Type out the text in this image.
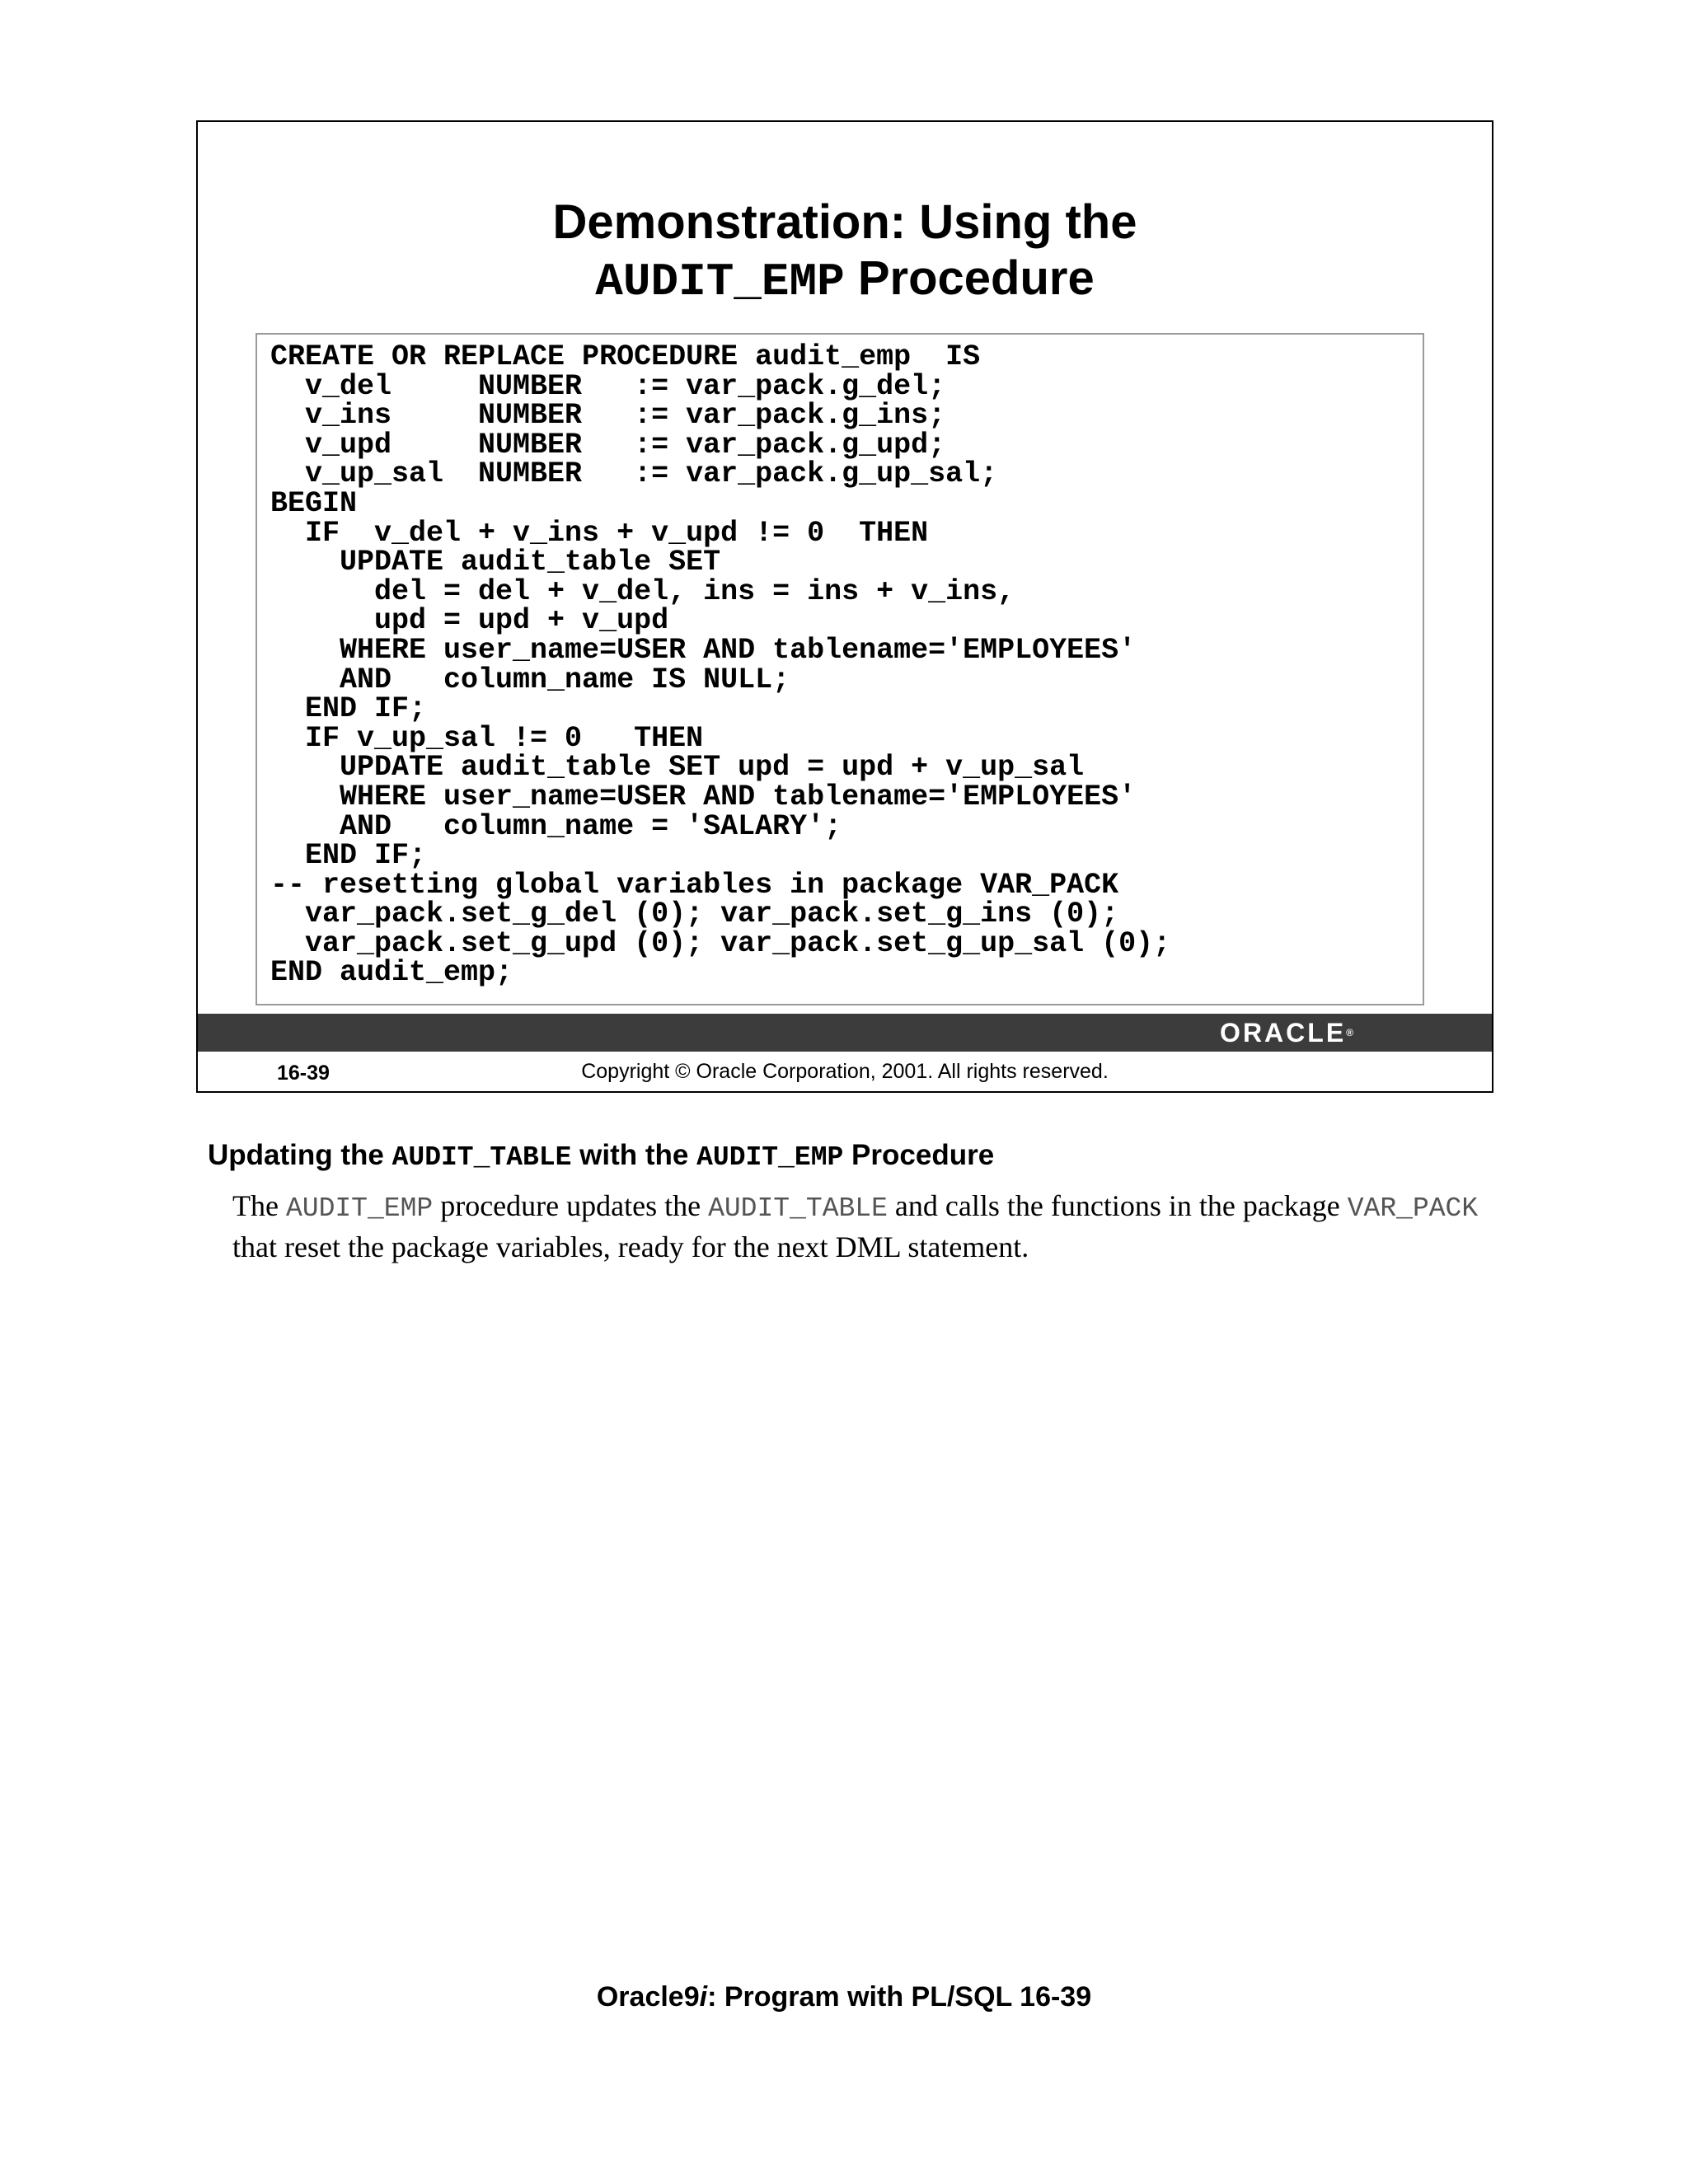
Demonstration: Using the
AUDIT_EMP Procedure
CREATE OR REPLACE PROCEDURE audit_emp  IS
v_del     NUMBER   := var_pack.g_del;
v_ins     NUMBER   := var_pack.g_ins;
v_upd     NUMBER   := var_pack.g_upd;
v_up_sal  NUMBER   := var_pack.g_up_sal;
BEGIN
IF  v_del + v_ins + v_upd != 0  THEN
UPDATE audit_table SET
del = del + v_del, ins = ins + v_ins,
upd = upd + v_upd
WHERE user_name=USER AND tablename='EMPLOYEES'
AND   column_name IS NULL;
END IF;
IF v_up_sal != 0   THEN
UPDATE audit_table SET upd = upd + v_up_sal
WHERE user_name=USER AND tablename='EMPLOYEES'
AND   column_name = 'SALARY';
END IF;
-- resetting global variables in package VAR_PACK
var_pack.set_g_del (0); var_pack.set_g_ins (0);
var_pack.set_g_upd (0); var_pack.set_g_up_sal (0);
END audit_emp;
ORACLE®
16-39	Copyright © Oracle Corporation, 2001. All rights reserved.
Updating the AUDIT_TABLE with the AUDIT_EMP Procedure
The AUDIT_EMP procedure updates the AUDIT_TABLE and calls the functions in the package VAR_PACK that reset the package variables, ready for the next DML statement.
Oracle9i: Program with PL/SQL 16-39
